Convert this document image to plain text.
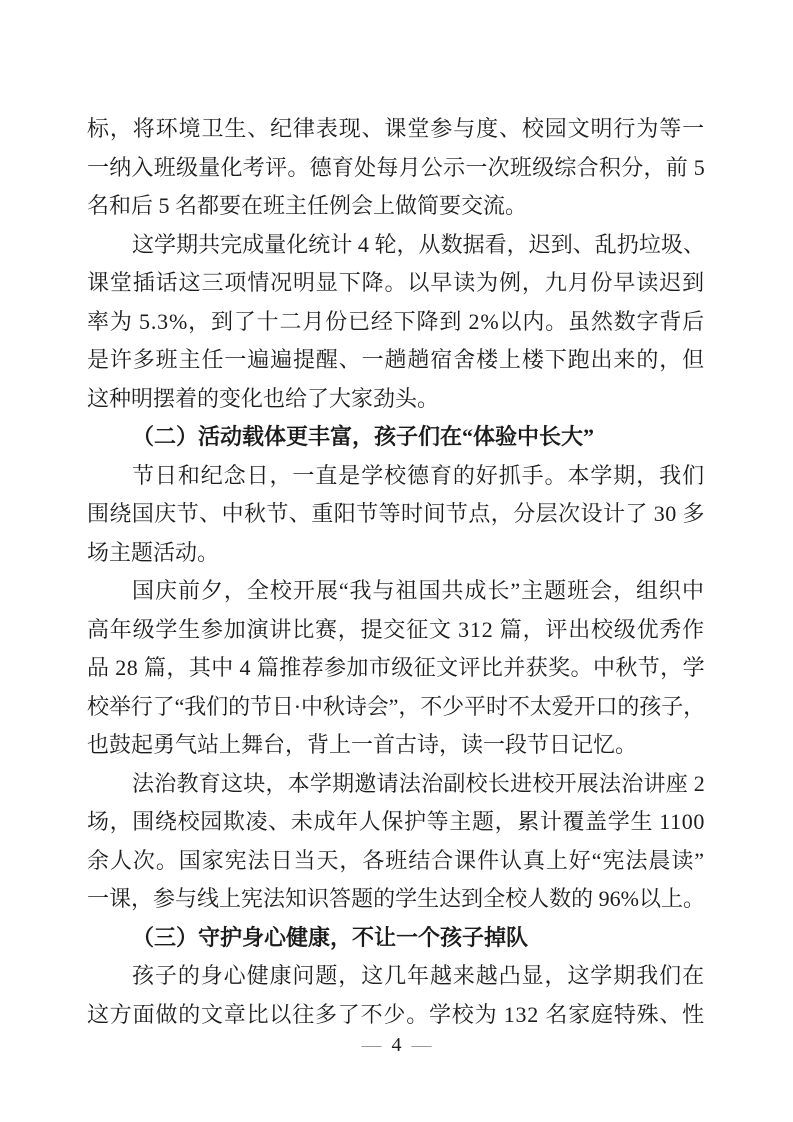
标，将环境卫生、纪律表现、课堂参与度、校园文明行为等一
一纳入班级量化考评。德育处每月公示一次班级综合积分，前 5
名和后 5 名都要在班主任例会上做简要交流。
这学期共完成量化统计 4 轮，从数据看，迟到、乱扔垃圾、
课堂插话这三项情况明显下降。以早读为例，九月份早读迟到
率为 5.3%，到了十二月份已经下降到 2%以内。虽然数字背后
是许多班主任一遍遍提醒、一趟趟宿舍楼上楼下跑出来的，但
这种明摆着的变化也给了大家劲头。
（二）活动载体更丰富，孩子们在“体验中长大”
节日和纪念日，一直是学校德育的好抓手。本学期，我们
围绕国庆节、中秋节、重阳节等时间节点，分层次设计了 30 多
场主题活动。
国庆前夕，全校开展“我与祖国共成长”主题班会，组织中
高年级学生参加演讲比赛，提交征文 312 篇，评出校级优秀作
品 28 篇，其中 4 篇推荐参加市级征文评比并获奖。中秋节，学
校举行了“我们的节日·中秋诗会”，不少平时不太爱开口的孩子，
也鼓起勇气站上舞台，背上一首古诗，读一段节日记忆。
法治教育这块，本学期邀请法治副校长进校开展法治讲座 2
场，围绕校园欺凌、未成年人保护等主题，累计覆盖学生 1100
余人次。国家宪法日当天，各班结合课件认真上好“宪法晨读”
一课，参与线上宪法知识答题的学生达到全校人数的 96%以上。
（三）守护身心健康，不让一个孩子掉队
孩子的身心健康问题，这几年越来越凸显，这学期我们在
这方面做的文章比以往多了不少。学校为 132 名家庭特殊、性
— 4 —
